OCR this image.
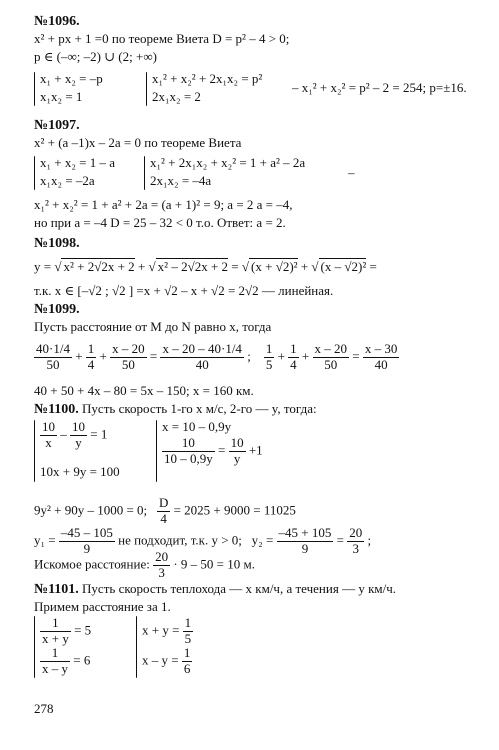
№1096.
x² + px + 1 =0 по теореме Виета D = p² – 4 > 0;
p ∈ (–∞; –2) ∪ (2; +∞)
x₁ + x₂ = –p
x₁x₂ = 1
x₁² + x₂² + 2x₁x₂ = p²
2x₁x₂ = 2
– x₁² + x₂² = p² – 2 = 254; p=±16.
№1097.
x² + (a –1)x – 2a = 0 по теореме Виета
x₁ + x₂ = 1 – a
x₁x₂ = –2a
x₁² + 2x₁x₂ + x₂² = 1 + a² – 2a
2x₁x₂ = –4a
–
x₁² + x₂² = 1 + a² + 2a = (a + 1)² = 9; a = 2 a = –4,
но при a = –4 D = 25 – 32 < 0 т.о. Ответ: a = 2.
№1098.
y = √ x² + 2√2x + 2 + √ x² – 2√2x + 2 = √ (x + √2)² + √ (x – √2)² =
т.к. x ∈ [–√2 ; √2 ] =x + √2 – x + √2 = 2√2 — линейная.
№1099.
Пусть расстояние от M до N равно x, тогда
$\frac{40\cdot 1/4}{50} + \frac{1}{4} + \frac{x - 20}{50} = \frac{x - 20 - 40\cdot 1/4}{40}$ ; $\frac{1}{5} + \frac{1}{4} + \frac{x - 20}{50} = \frac{x - 30}{40}$
40 + 50 + 4x – 80 = 5x – 150; x = 160 км.
№1100. Пусть скорость 1-го x м/с, 2-го — y, тогда:
$\frac{10}{x} - \frac{10}{y} = 1$
10x + 9y = 100
x = 10 – 0,9y
$\frac{10}{10 - 0,9y} = \frac{10}{y} +1$
9y² + 90y – 1000 = 0; $\frac{D}{4} = 2025 + 9000 = 11025$
$y_1 = \frac{-45 - 105}{9}$ не подходит, т.к. y > 0; $y_2 = \frac{-45 + 105}{9} = \frac{20}{3}$ ;
Искомое расстояние: $\frac{20}{3} \cdot 9 - 50 = 10$ м.
№1101. Пусть скорость теплохода — x км/ч, а течения — y км/ч.
Примем расстояние за 1.
$\frac{1}{x + y} = 5$
$\frac{1}{x - y} = 6$
$x + y = \frac{1}{5}$
$x - y = \frac{1}{6}$
278
